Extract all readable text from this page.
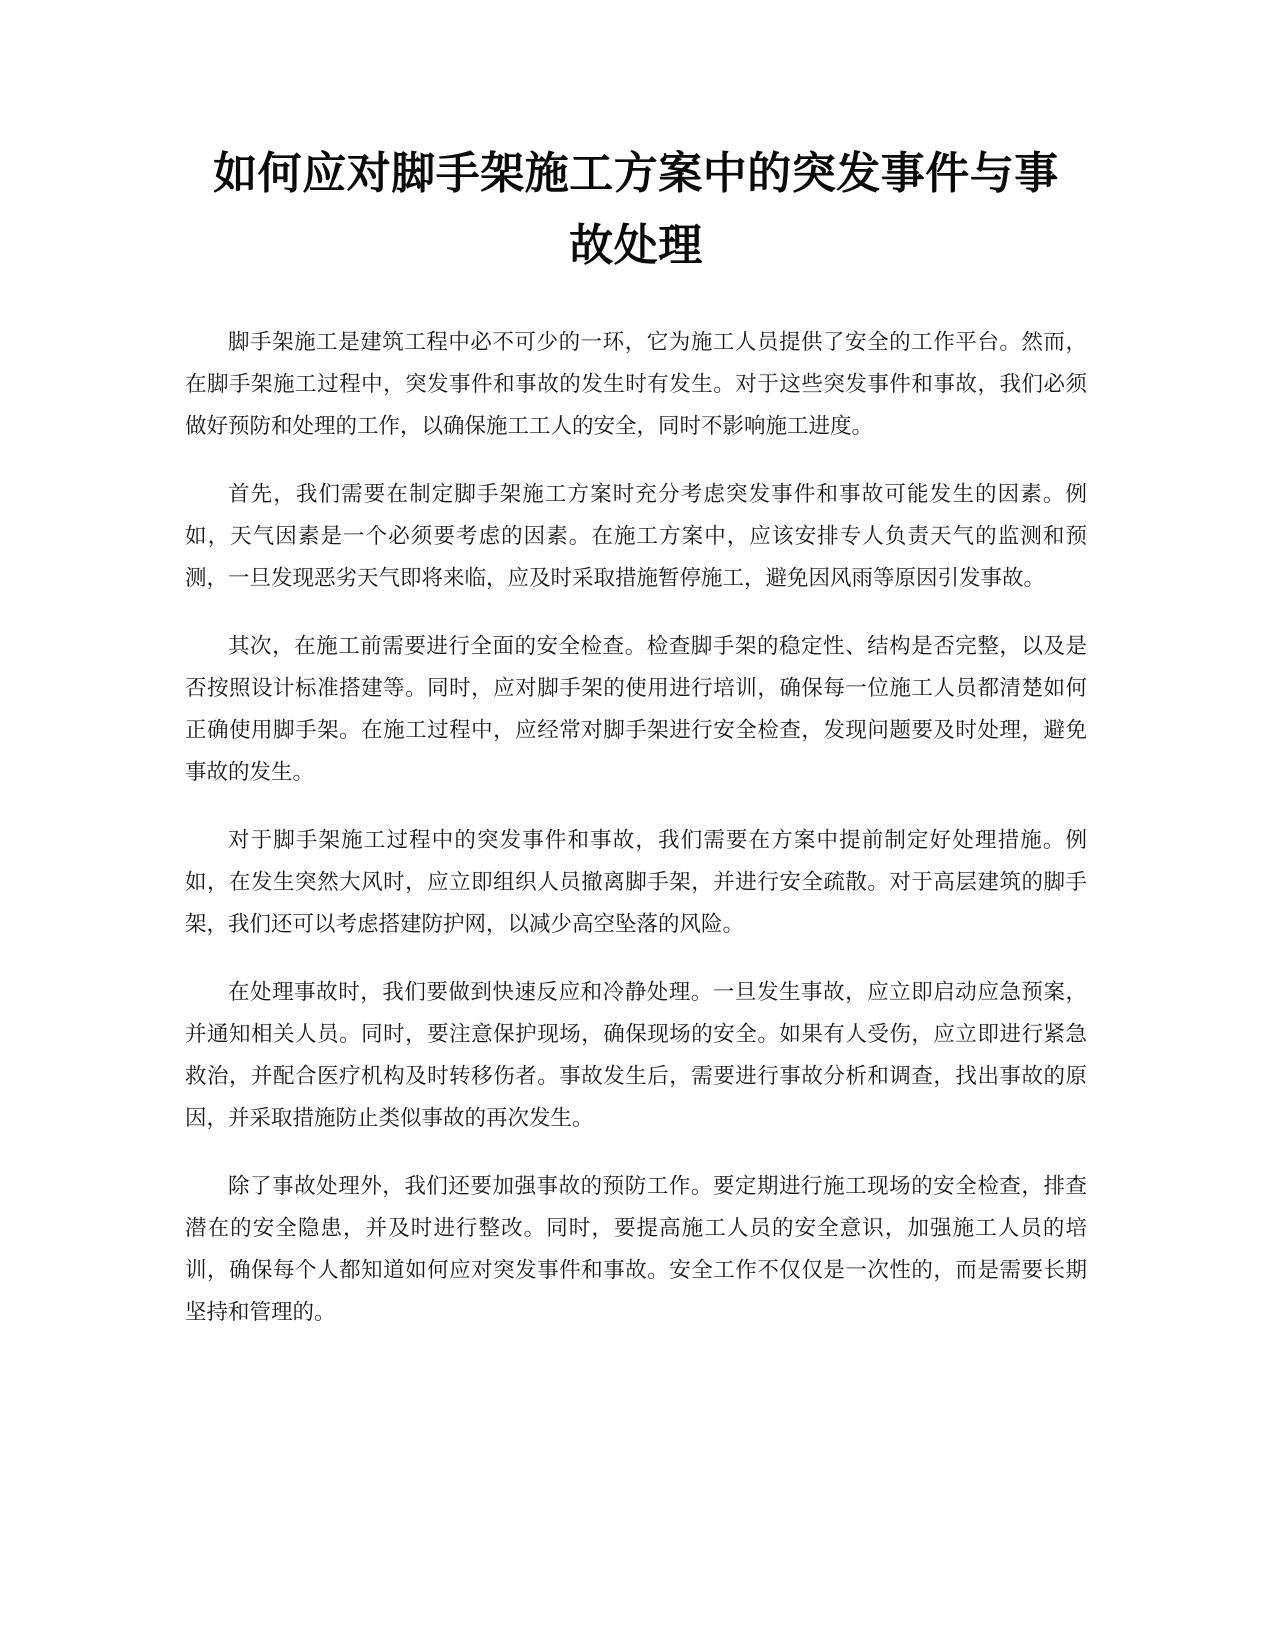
如何应对脚手架施工方案中的突发事件与事
故处理

脚手架施工是建筑工程中必不可少的一环，它为施工人员提供了安全的工作平台。然而，在脚手架施工过程中，突发事件和事故的发生时有发生。对于这些突发事件和事故，我们必须做好预防和处理的工作，以确保施工工人的安全，同时不影响施工进度。

首先，我们需要在制定脚手架施工方案时充分考虑突发事件和事故可能发生的因素。例如，天气因素是一个必须要考虑的因素。在施工方案中，应该安排专人负责天气的监测和预测，一旦发现恶劣天气即将来临，应及时采取措施暂停施工，避免因风雨等原因引发事故。

其次，在施工前需要进行全面的安全检查。检查脚手架的稳定性、结构是否完整，以及是否按照设计标准搭建等。同时，应对脚手架的使用进行培训，确保每一位施工人员都清楚如何正确使用脚手架。在施工过程中，应经常对脚手架进行安全检查，发现问题要及时处理，避免事故的发生。

对于脚手架施工过程中的突发事件和事故，我们需要在方案中提前制定好处理措施。例如，在发生突然大风时，应立即组织人员撤离脚手架，并进行安全疏散。对于高层建筑的脚手架，我们还可以考虑搭建防护网，以减少高空坠落的风险。

在处理事故时，我们要做到快速反应和冷静处理。一旦发生事故，应立即启动应急预案，并通知相关人员。同时，要注意保护现场，确保现场的安全。如果有人受伤，应立即进行紧急救治，并配合医疗机构及时转移伤者。事故发生后，需要进行事故分析和调查，找出事故的原因，并采取措施防止类似事故的再次发生。

除了事故处理外，我们还要加强事故的预防工作。要定期进行施工现场的安全检查，排查潜在的安全隐患，并及时进行整改。同时，要提高施工人员的安全意识，加强施工人员的培训，确保每个人都知道如何应对突发事件和事故。安全工作不仅仅是一次性的，而是需要长期坚持和管理的。
